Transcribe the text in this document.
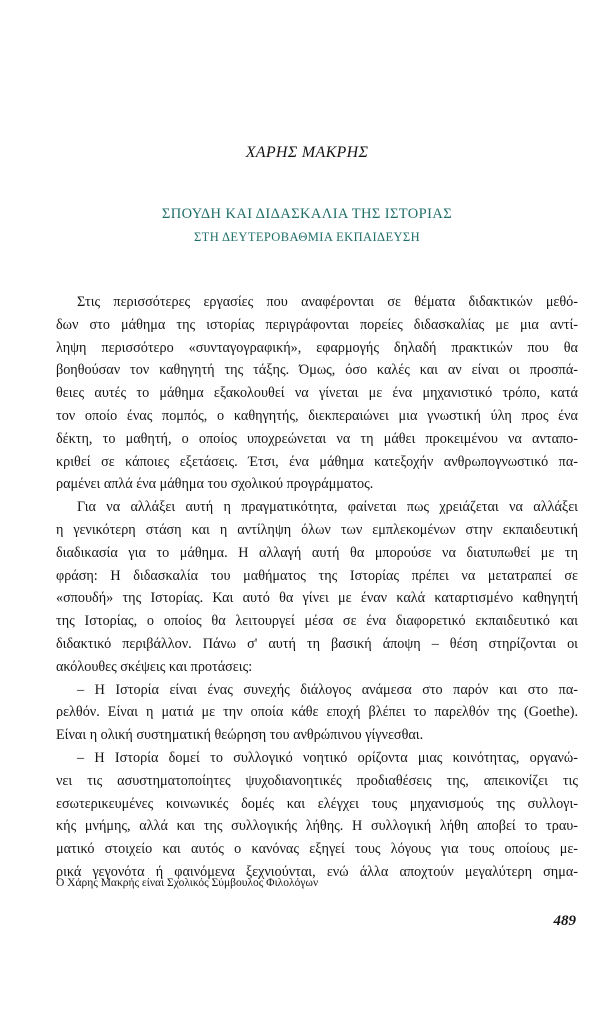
ΧΑΡΗΣ ΜΑΚΡΗΣ
ΣΠΟΥΔΗ ΚΑΙ ΔΙΔΑΣΚΑΛΙΑ ΤΗΣ ΙΣΤΟΡΙΑΣ
ΣΤΗ ΔΕΥΤΕΡΟΒΑΘΜΙΑ ΕΚΠΑΙΔΕΥΣΗ
Στις περισσότερες εργασίες που αναφέρονται σε θέματα διδακτικών μεθό-
δων στο μάθημα της ιστορίας περιγράφονται πορείες διδασκαλίας με μια αντί-
ληψη περισσότερο «συνταγογραφική», εφαρμογής δηλαδή πρακτικών που θα
βοηθούσαν τον καθηγητή της τάξης. Όμως, όσο καλές και αν είναι οι προσπά-
θειες αυτές το μάθημα εξακολουθεί να γίνεται με ένα μηχανιστικό τρόπο, κατά
τον οποίο ένας πομπός, ο καθηγητής, διεκπεραιώνει μια γνωστική ύλη προς ένα
δέκτη, το μαθητή, ο οποίος υποχρεώνεται να τη μάθει προκειμένου να ανταπο-
κριθεί σε κάποιες εξετάσεις. Έτσι, ένα μάθημα κατεξοχήν ανθρωπογνωστικό πα-
ραμένει απλά ένα μάθημα του σχολικού προγράμματος.
Για να αλλάξει αυτή η πραγματικότητα, φαίνεται πως χρειάζεται να αλλάξει
η γενικότερη στάση και η αντίληψη όλων των εμπλεκομένων στην εκπαιδευτική
διαδικασία για το μάθημα. Η αλλαγή αυτή θα μπορούσε να διατυπωθεί με τη
φράση: Η διδασκαλία του μαθήματος της Ιστορίας πρέπει να μετατραπεί σε
«σπουδή» της Ιστορίας. Και αυτό θα γίνει με έναν καλά καταρτισμένο καθηγητή
της Ιστορίας, ο οποίος θα λειτουργεί μέσα σε ένα διαφορετικό εκπαιδευτικό και
διδακτικό περιβάλλον. Πάνω σ' αυτή τη βασική άποψη – θέση στηρίζονται οι
ακόλουθες σκέψεις και προτάσεις:
– Η Ιστορία είναι ένας συνεχής διάλογος ανάμεσα στο παρόν και στο πα-
ρελθόν. Είναι η ματιά με την οποία κάθε εποχή βλέπει το παρελθόν της (Goethe).
Είναι η ολική συστηματική θεώρηση του ανθρώπινου γίγνεσθαι.
– Η Ιστορία δομεί το συλλογικό νοητικό ορίζοντα μιας κοινότητας, οργανώ-
νει τις ασυστηματοποίητες ψυχοδιανοητικές προδιαθέσεις της, απεικονίζει τις
εσωτερικευμένες κοινωνικές δομές και ελέγχει τους μηχανισμούς της συλλογι-
κής μνήμης, αλλά και της συλλογικής λήθης. Η συλλογική λήθη αποβεί το τραυ-
ματικό στοιχείο και αυτός ο κανόνας εξηγεί τους λόγους για τους οποίους με-
ρικά γεγονότα ή φαινόμενα ξεχνιούνται, ενώ άλλα αποχτούν μεγαλύτερη σημα-
Ο Χάρης Μακρής είναι Σχολικός Σύμβουλος Φιλολόγων
489
